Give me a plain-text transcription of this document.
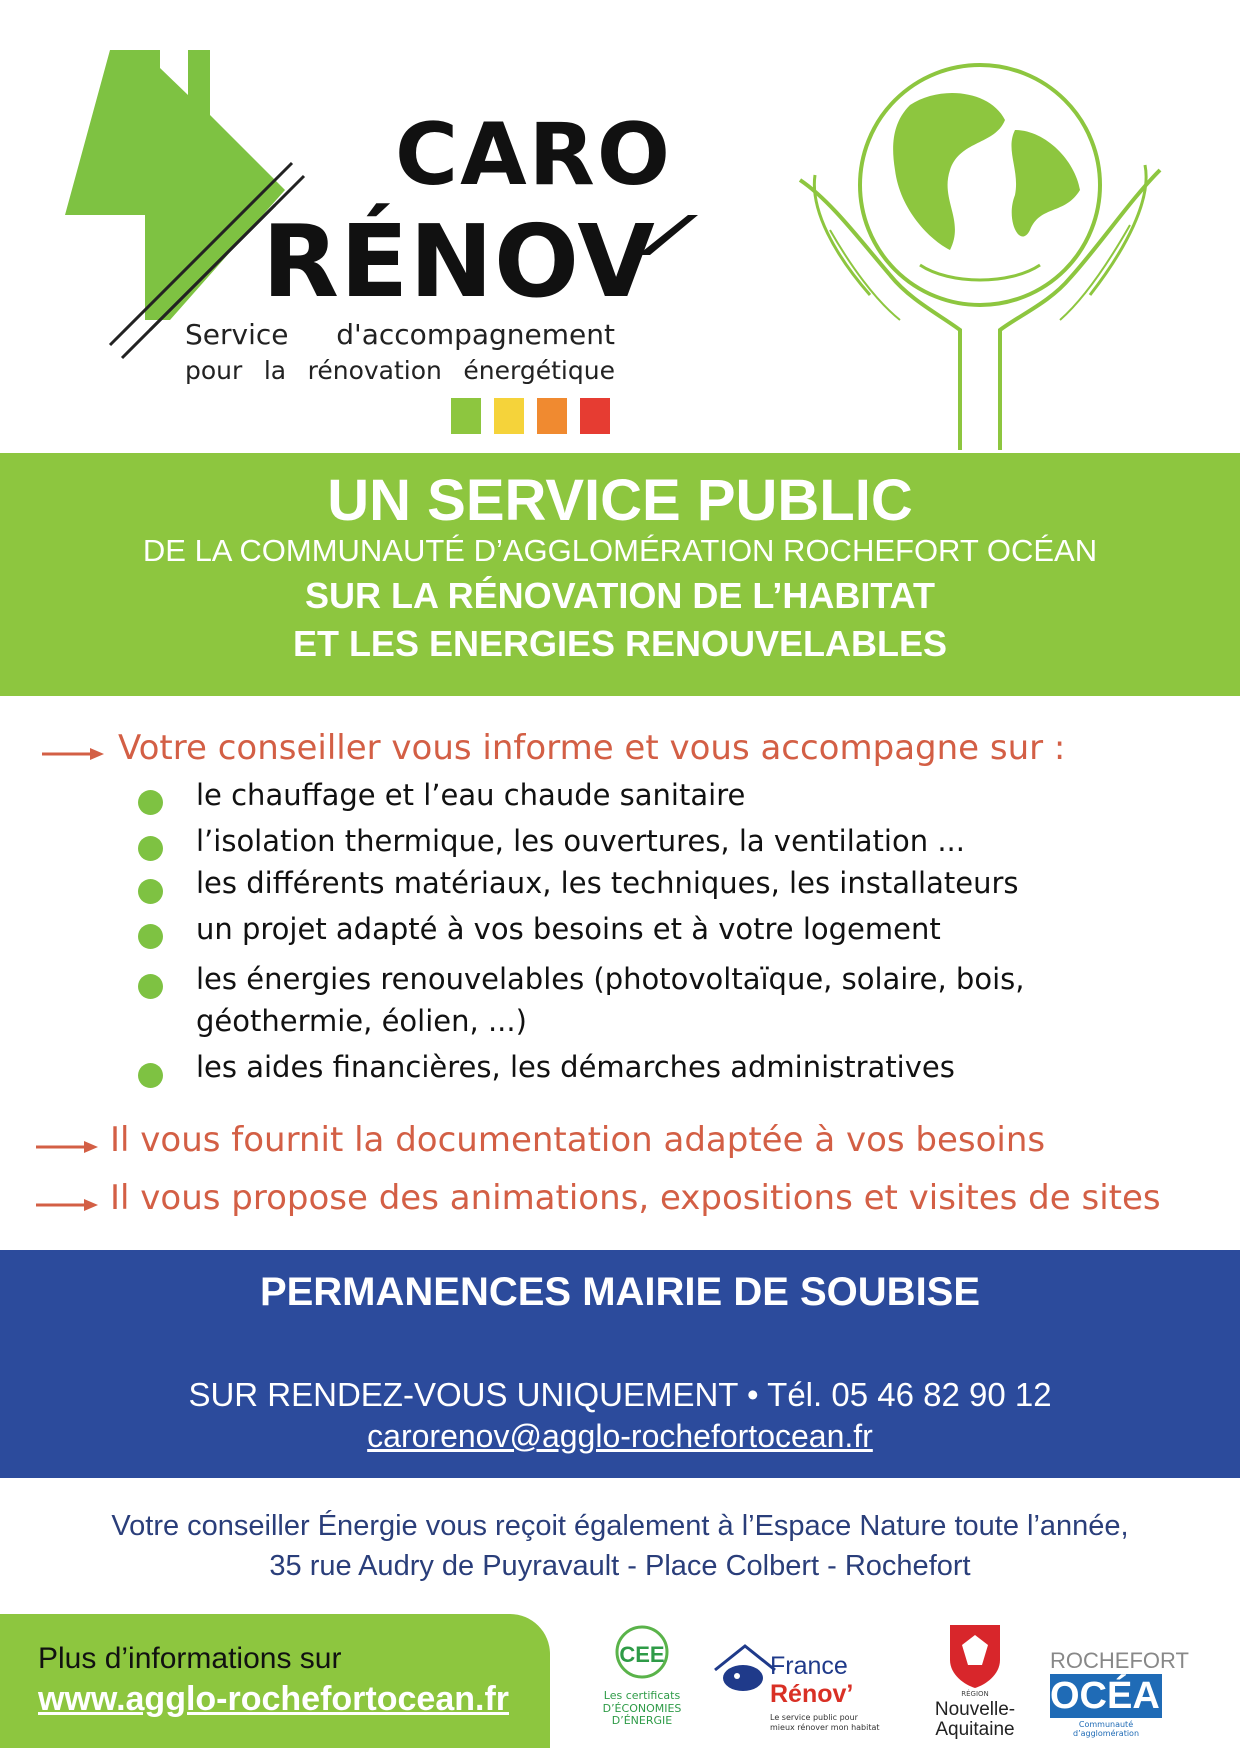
CARO
RÉNOV
Service d'accompagnement
pour la rénovation énergétique
UN SERVICE PUBLIC
DE LA COMMUNAUTÉ D’AGGLOMÉRATION ROCHEFORT OCÉAN
SUR LA RÉNOVATION DE L’HABITAT
ET LES ENERGIES RENOUVELABLES
Votre conseiller vous informe et vous accompagne sur :
le chauffage et l’eau chaude sanitaire
l’isolation thermique, les ouvertures, la ventilation ...
les différents matériaux, les techniques, les installateurs
un projet adapté à vos besoins et à votre logement
les énergies renouvelables (photovoltaïque, solaire, bois,
géothermie, éolien, ...)
les aides financières, les démarches administratives
Il vous fournit la documentation adaptée à vos besoins
Il vous propose des animations, expositions et visites de sites
PERMANENCES MAIRIE DE SOUBISE
SUR RENDEZ-VOUS UNIQUEMENT • Tél. 05 46 82 90 12
carorenov@agglo-rochefortocean.fr
Votre conseiller Énergie vous reçoit également à l’Espace Nature toute l’année,
35 rue Audry de Puyravault - Place Colbert - Rochefort
Plus d’informations sur
www.agglo-rochefortocean.fr
CEE
Les certificats D’ÉCONOMIES D’ÉNERGIE
France
Rénov’
Le service public pour mieux rénover mon habitat
RÉGION
Nouvelle-Aquitaine
ROCHEFORT
OCÉAN
Communauté d’agglomération
